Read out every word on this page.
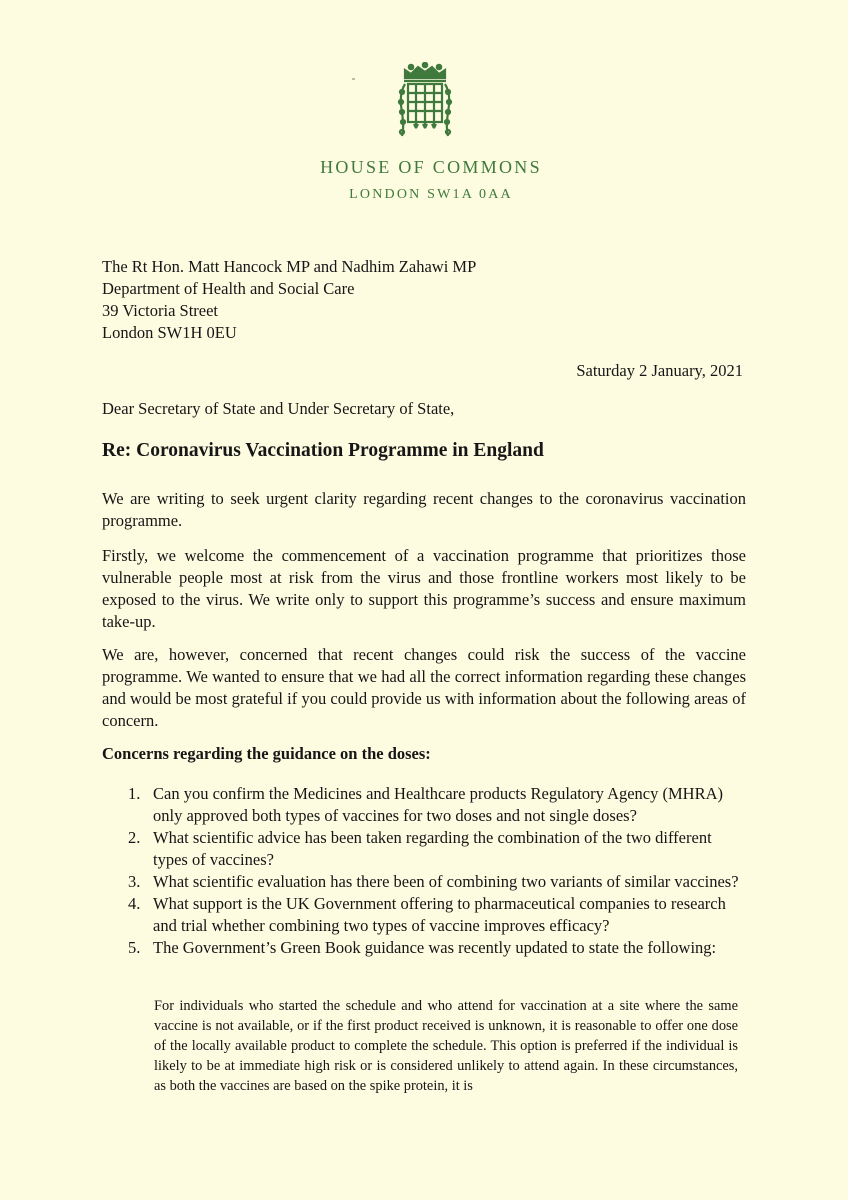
HOUSE OF COMMONS
LONDON SW1A 0AA
The Rt Hon. Matt Hancock MP and Nadhim Zahawi MP
Department of Health and Social Care
39 Victoria Street
London SW1H 0EU
Saturday 2 January, 2021
Dear Secretary of State and Under Secretary of State,
Re: Coronavirus Vaccination Programme in England
We are writing to seek urgent clarity regarding recent changes to the coronavirus vaccination programme.
Firstly, we welcome the commencement of a vaccination programme that prioritizes those vulnerable people most at risk from the virus and those frontline workers most likely to be exposed to the virus. We write only to support this programme’s success and ensure maximum take-up.
We are, however, concerned that recent changes could risk the success of the vaccine programme. We wanted to ensure that we had all the correct information regarding these changes and would be most grateful if you could provide us with information about the following areas of concern.
Concerns regarding the guidance on the doses:
1. Can you confirm the Medicines and Healthcare products Regulatory Agency (MHRA) only approved both types of vaccines for two doses and not single doses?
2. What scientific advice has been taken regarding the combination of the two different types of vaccines?
3. What scientific evaluation has there been of combining two variants of similar vaccines?
4. What support is the UK Government offering to pharmaceutical companies to research and trial whether combining two types of vaccine improves efficacy?
5. The Government’s Green Book guidance was recently updated to state the following:
For individuals who started the schedule and who attend for vaccination at a site where the same vaccine is not available, or if the first product received is unknown, it is reasonable to offer one dose of the locally available product to complete the schedule. This option is preferred if the individual is likely to be at immediate high risk or is considered unlikely to attend again. In these circumstances, as both the vaccines are based on the spike protein, it is
